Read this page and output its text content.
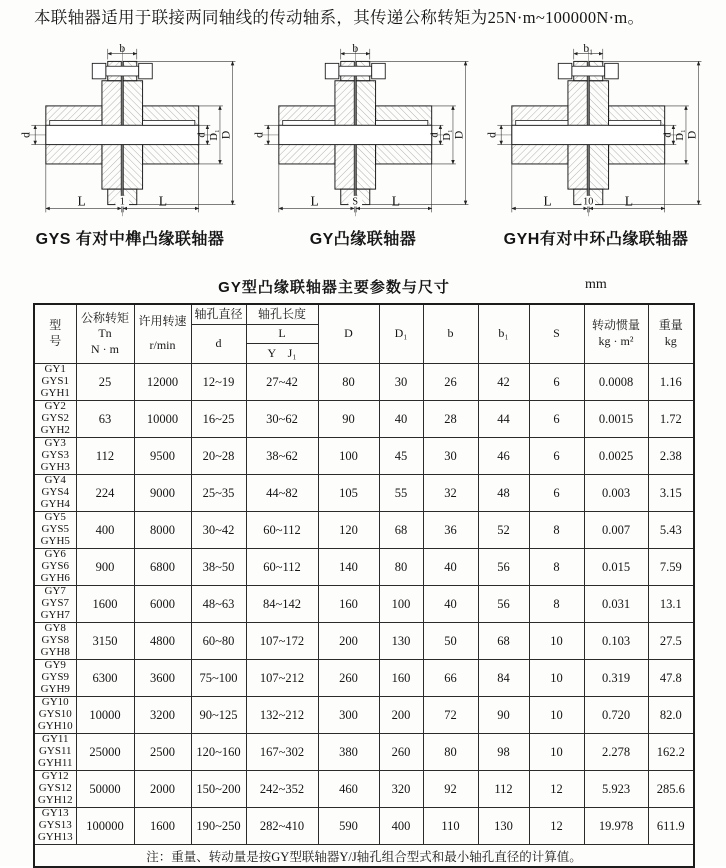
本联轴器适用于联接两同轴线的传动轴系，其传递公称转矩为25N·m~100000N·m。
b
d	d D₁ D
L	1 L
GYS 有对中榫凸缘联轴器
b
d	d D₁ D
L	S L
GY凸缘联轴器
b₁
d	d D₁ D
L	10 L
GYH有对中环凸缘联轴器
GY型凸缘联轴器主要参数与尺寸	mm
型
号

公称转矩
Tn
N · m

许用转速
r/min
	轴孔直径	轴孔长度	D	D₁	b	b₁	S	
转动惯量
kg · m²

重量
kg

			d	L							
				Y　J₁							

GY1
GYS1
GYH1	25	12000	12~19	27~42	80	30	26	42	6	0.0008	1.16

GY2
GYS2
GYH2	63	10000	16~25	30~62	90	40	28	44	6	0.0015	1.72

GY3
GYS3
GYH3	112	9500	20~28	38~62	100	45	30	46	6	0.0025	2.38

GY4
GYS4
GYH4	224	9000	25~35	44~82	105	55	32	48	6	0.003	3.15

GY5
GYS5
GYH5	400	8000	30~42	60~112	120	68	36	52	8	0.007	5.43

GY6
GYS6
GYH6	900	6800	38~50	60~112	140	80	40	56	8	0.015	7.59

GY7
GYS7
GYH7	1600	6000	48~63	84~142	160	100	40	56	8	0.031	13.1

GY8
GYS8
GYH8	3150	4800	60~80	107~172	200	130	50	68	10	0.103	27.5

GY9
GYS9
GYH9	6300	3600	75~100	107~212	260	160	66	84	10	0.319	47.8

GY10
GYS10
GYH10	10000	3200	90~125	132~212	300	200	72	90	10	0.720	82.0

GY11
GYS11
GYH11	25000	2500	120~160	167~302	380	260	80	98	10	2.278	162.2

GY12
GYS12
GYH12	50000	2000	150~200	242~352	460	320	92	112	12	5.923	285.6

GY13
GYS13
GYH13	100000	1600	190~250	282~410	590	400	110	130	12	19.978	611.9
注：重量、转动量是按GY型联轴器Y/J轴孔组合型式和最小轴孔直径的计算值。											
